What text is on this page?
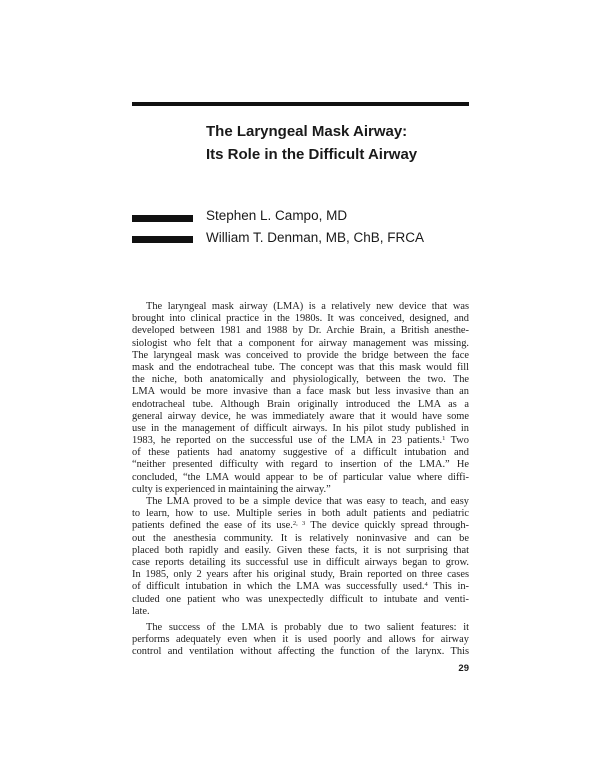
The Laryngeal Mask Airway:
Its Role in the Difficult Airway
Stephen L. Campo, MD
William T. Denman, MB, ChB, FRCA
The laryngeal mask airway (LMA) is a relatively new device that was
brought into clinical practice in the 1980s. It was conceived, designed, and
developed between 1981 and 1988 by Dr. Archie Brain, a British anesthe-
siologist who felt that a component for airway management was missing.
The laryngeal mask was conceived to provide the bridge between the face
mask and the endotracheal tube. The concept was that this mask would fill
the niche, both anatomically and physiologically, between the two. The
LMA would be more invasive than a face mask but less invasive than an
endotracheal tube. Although Brain originally introduced the LMA as a
general airway device, he was immediately aware that it would have some
use in the management of difficult airways. In his pilot study published in
1983, he reported on the successful use of the LMA in 23 patients.$^1$ Two
of these patients had anatomy suggestive of a difficult intubation and
“neither presented difficulty with regard to insertion of the LMA.” He
concluded, “the LMA would appear to be of particular value where diffi-
culty is experienced in maintaining the airway.”
The LMA proved to be a simple device that was easy to teach, and easy
to learn, how to use. Multiple series in both adult patients and pediatric
patients defined the ease of its use.$^{2, 3}$ The device quickly spread through-
out the anesthesia community. It is relatively noninvasive and can be
placed both rapidly and easily. Given these facts, it is not surprising that
case reports detailing its successful use in difficult airways began to grow.
In 1985, only 2 years after his original study, Brain reported on three cases
of difficult intubation in which the LMA was successfully used.$^4$ This in-
cluded one patient who was unexpectedly difficult to intubate and venti-
late.
The success of the LMA is probably due to two salient features: it
performs adequately even when it is used poorly and allows for airway
control and ventilation without affecting the function of the larynx. This
29
